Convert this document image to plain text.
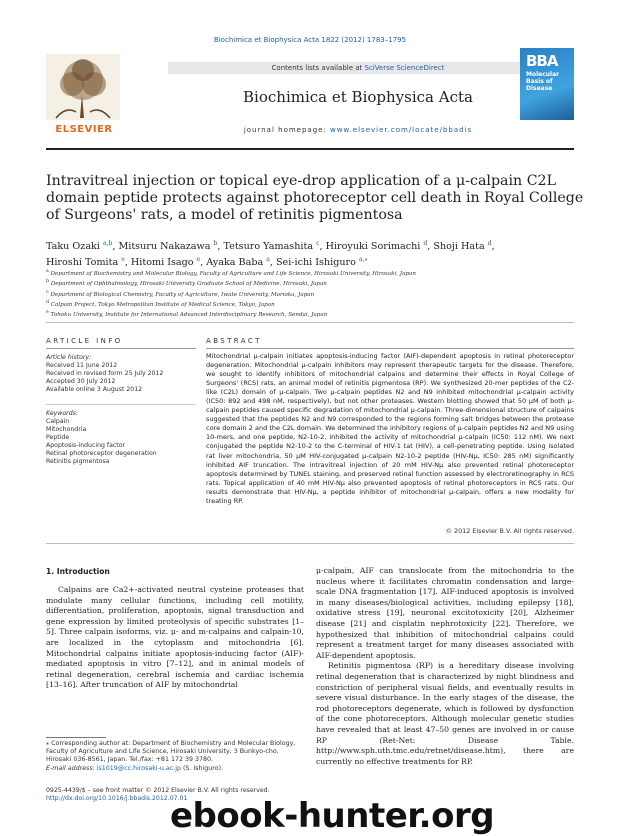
Biochimica et Biophysica Acta 1822 (2012) 1783–1795
ELSEVIER
Contents lists available at SciVerse ScienceDirect
Biochimica et Biophysica Acta
journal homepage: www.elsevier.com/locate/bbadis
BBA
Molecular Basis of Disease
Intravitreal injection or topical eye-drop application of a μ-calpain C2L domain peptide protects against photoreceptor cell death in Royal College of Surgeons' rats, a model of retinitis pigmentosa
Taku Ozaki $^{a,b}$, Mitsuru Nakazawa $^b$, Tetsuro Yamashita $^c$, Hiroyuki Sorimachi $^d$, Shoji Hata $^d$,
Hiroshi Tomita $^e$, Hitomi Isago $^e$, Ayaka Baba $^a$, Sei-ichi Ishiguro $^{a,⁎}$
$^a$ Department of Biochemistry and Molecular Biology, Faculty of Agriculture and Life Science, Hirosaki University, Hirosaki, Japan
$^b$ Department of Ophthalmology, Hirosaki University Graduate School of Medicine, Hirosaki, Japan
$^c$ Department of Biological Chemistry, Faculty of Agriculture, Iwate University, Morioka, Japan
$^d$ Calpain Project, Tokyo Metropolitan Institute of Medical Science, Tokyo, Japan
$^e$ Tohoku University, Institute for International Advanced Interdisciplinary Research, Sendai, Japan
ARTICLE INFO	ABSTRACT
Article history:
Received 11 June 2012
Received in revised form 25 July 2012
Accepted 30 July 2012
Available online 3 August 2012
Keywords:
Calpain
Mitochondria
Peptide
Apoptosis-inducing factor
Retinal photoreceptor degeneration
Retinitis pigmentosa
Mitochondrial μ-calpain initiates apoptosis-inducing factor (AIF)-dependent apoptosis in retinal photoreceptor degeneration. Mitochondrial μ-calpain inhibitors may represent therapeutic targets for the disease. Therefore, we sought to identify inhibitors of mitochondrial calpains and determine their effects in Royal College of Surgeons' (RCS) rats, an animal model of retinitis pigmentosa (RP). We synthesized 20-mer peptides of the C2-like (C2L) domain of μ-calpain. Two μ-calpain peptides N2 and N9 inhibited mitochondrial μ-calpain activity (IC50: 892 and 498 nM, respectively), but not other proteases. Western blotting showed that 50 μM of both μ-calpain peptides caused specific degradation of mitochondrial μ-calpain. Three-dimensional structure of calpains suggested that the peptides N2 and N9 corresponded to the regions forming salt bridges between the protease core domain 2 and the C2L domain. We determined the inhibitory regions of μ-calpain peptides N2 and N9 using 10-mers, and one peptide, N2-10-2, inhibited the activity of mitochondrial μ-calpain (IC50: 112 nM). We next conjugated the peptide N2-10-2 to the C-terminal of HIV-1 tat (HIV), a cell-penetrating peptide. Using isolated rat liver mitochondria, 50 μM HIV-conjugated μ-calpain N2-10-2 peptide (HIV-Nμ, IC50: 285 nM) significantly inhibited AIF truncation. The intravitreal injection of 20 mM HIV-Nμ also prevented retinal photoreceptor apoptosis determined by TUNEL staining, and preserved retinal function assessed by electroretinography in RCS rats. Topical application of 40 mM HIV-Nμ also prevented apoptosis of retinal photoreceptors in RCS rats. Our results demonstrate that HIV-Nμ, a peptide inhibitor of mitochondrial μ-calpain, offers a new modality for treating RP.
© 2012 Elsevier B.V. All rights reserved.
1. Introduction

Calpains are Ca2+-activated neutral cysteine proteases that modulate many cellular functions, including cell motility, differentiation, proliferation, apoptosis, signal transduction and gene expression by limited proteolysis of specific substrates [1–5]. Three calpain isoforms, viz. μ- and m-calpains and calpain-10, are localized in the cytoplasm and mitochondria [6]. Mitochondrial calpains initiate apoptosis-inducing factor (AIF)-mediated apoptosis in vitro [7–12], and in animal models of retinal degeneration, cerebral ischemia and cardiac ischemia [13–16]. After truncation of AIF by mitochondrial

μ-calpain, AIF can translocate from the mitochondria to the nucleus where it facilitates chromatin condensation and large-scale DNA fragmentation [17]. AIF-induced apoptosis is involved in many diseases/biological activities, including epilepsy [18], oxidative stress [19], neuronal excitotoxicity [20], Alzheimer disease [21] and cisplatin nephrotoxicity [22]. Therefore, we hypothesized that inhibition of mitochondrial calpains could represent a treatment target for many diseases associated with AIF-dependent apoptosis.

Retinitis pigmentosa (RP) is a hereditary disease involving retinal degeneration that is characterized by night blindness and constriction of peripheral visual fields, and eventually results in severe visual disturbance. In the early stages of the disease, the rod photoreceptors degenerate, which is followed by dysfunction of the cone photoreceptors. Although molecular genetic studies have revealed that at least 47–50 genes are involved in or cause RP (Ret-Net: Disease Table. http://www.sph.uth.tmc.edu/retnet/disease.htm), there are currently no effective treatments for RP.

⁎ Corresponding author at: Department of Biochemistry and Molecular Biology, Faculty of Agriculture and Life Science, Hirosaki University, 3 Bunkyo-cho, Hirosaki 036-8561, Japan. Tel./fax: +81 172 39 3780.
E-mail address: is1019@cc.hirosaki-u.ac.jp (S. Ishiguro).
0925-4439/$ – see front matter © 2012 Elsevier B.V. All rights reserved.
http://dx.doi.org/10.1016/j.bbadis.2012.07.01
ebook-hunter.org
